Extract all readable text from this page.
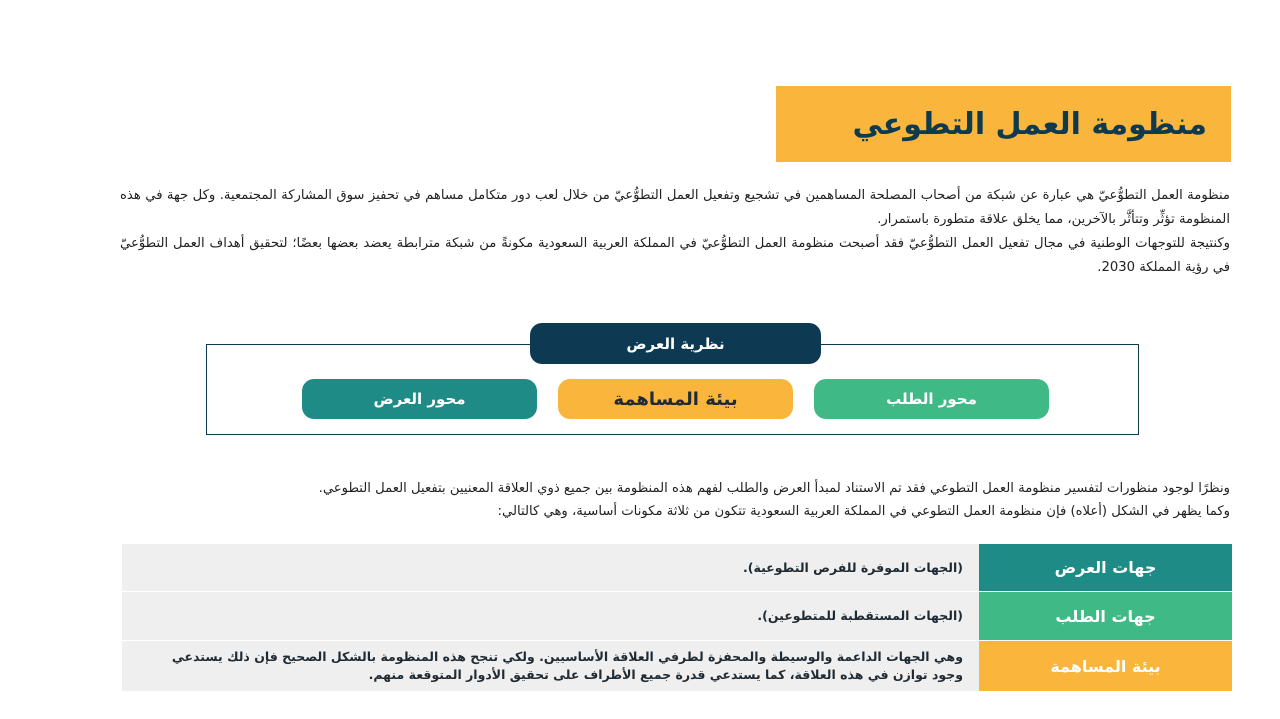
منظومة العمل التطوعي

منظومة العمل التطوُّعيّ هي عبارة عن شبكة من أصحاب المصلحة المساهمين في تشجيع وتفعيل العمل التطوُّعيّ من خلال لعب دور متكامل مساهم في تحفيز سوق المشاركة المجتمعية. وكل جهة في هذه المنظومة تؤثِّر وتتأثَّر بالآخرين، مما يخلق علاقة متطورة باستمرار.

وكنتيجة للتوجهات الوطنية في مجال تفعيل العمل التطوُّعيّ فقد أصبحت منظومة العمل التطوُّعيّ في المملكة العربية السعودية مكونةً من شبكة مترابطة يعضد بعضها بعضًا؛ لتحقيق أهداف العمل التطوُّعيّ في رؤية المملكة 2030.

نظرية العرض
محور الطلب
بيئة المساهمة
محور العرض

ونظرًا لوجود منظورات لتفسير منظومة العمل التطوعي فقد تم الاستناد لمبدأ العرض والطلب لفهم هذه المنظومة بين جميع ذوي العلاقة المعنيين بتفعيل العمل التطوعي.

وكما يظهر في الشكل (أعلاه) فإن منظومة العمل التطوعي في المملكة العربية السعودية تتكون من ثلاثة مكونات أساسية، وهي كالتالي:

جهات العرض	(الجهات الموفرة للفرص التطوعية).
جهات الطلب	(الجهات المستقطبة للمتطوعين).
بيئة المساهمة	وهي الجهات الداعمة والوسيطة والمحفزة لطرفي العلاقة الأساسيين. ولكي تنجح هذه المنظومة بالشكل الصحيح فإن ذلك يستدعي وجود توازن في هذه العلاقة، كما يستدعي قدرة جميع الأطراف على تحقيق الأدوار المتوقعة منهم.
